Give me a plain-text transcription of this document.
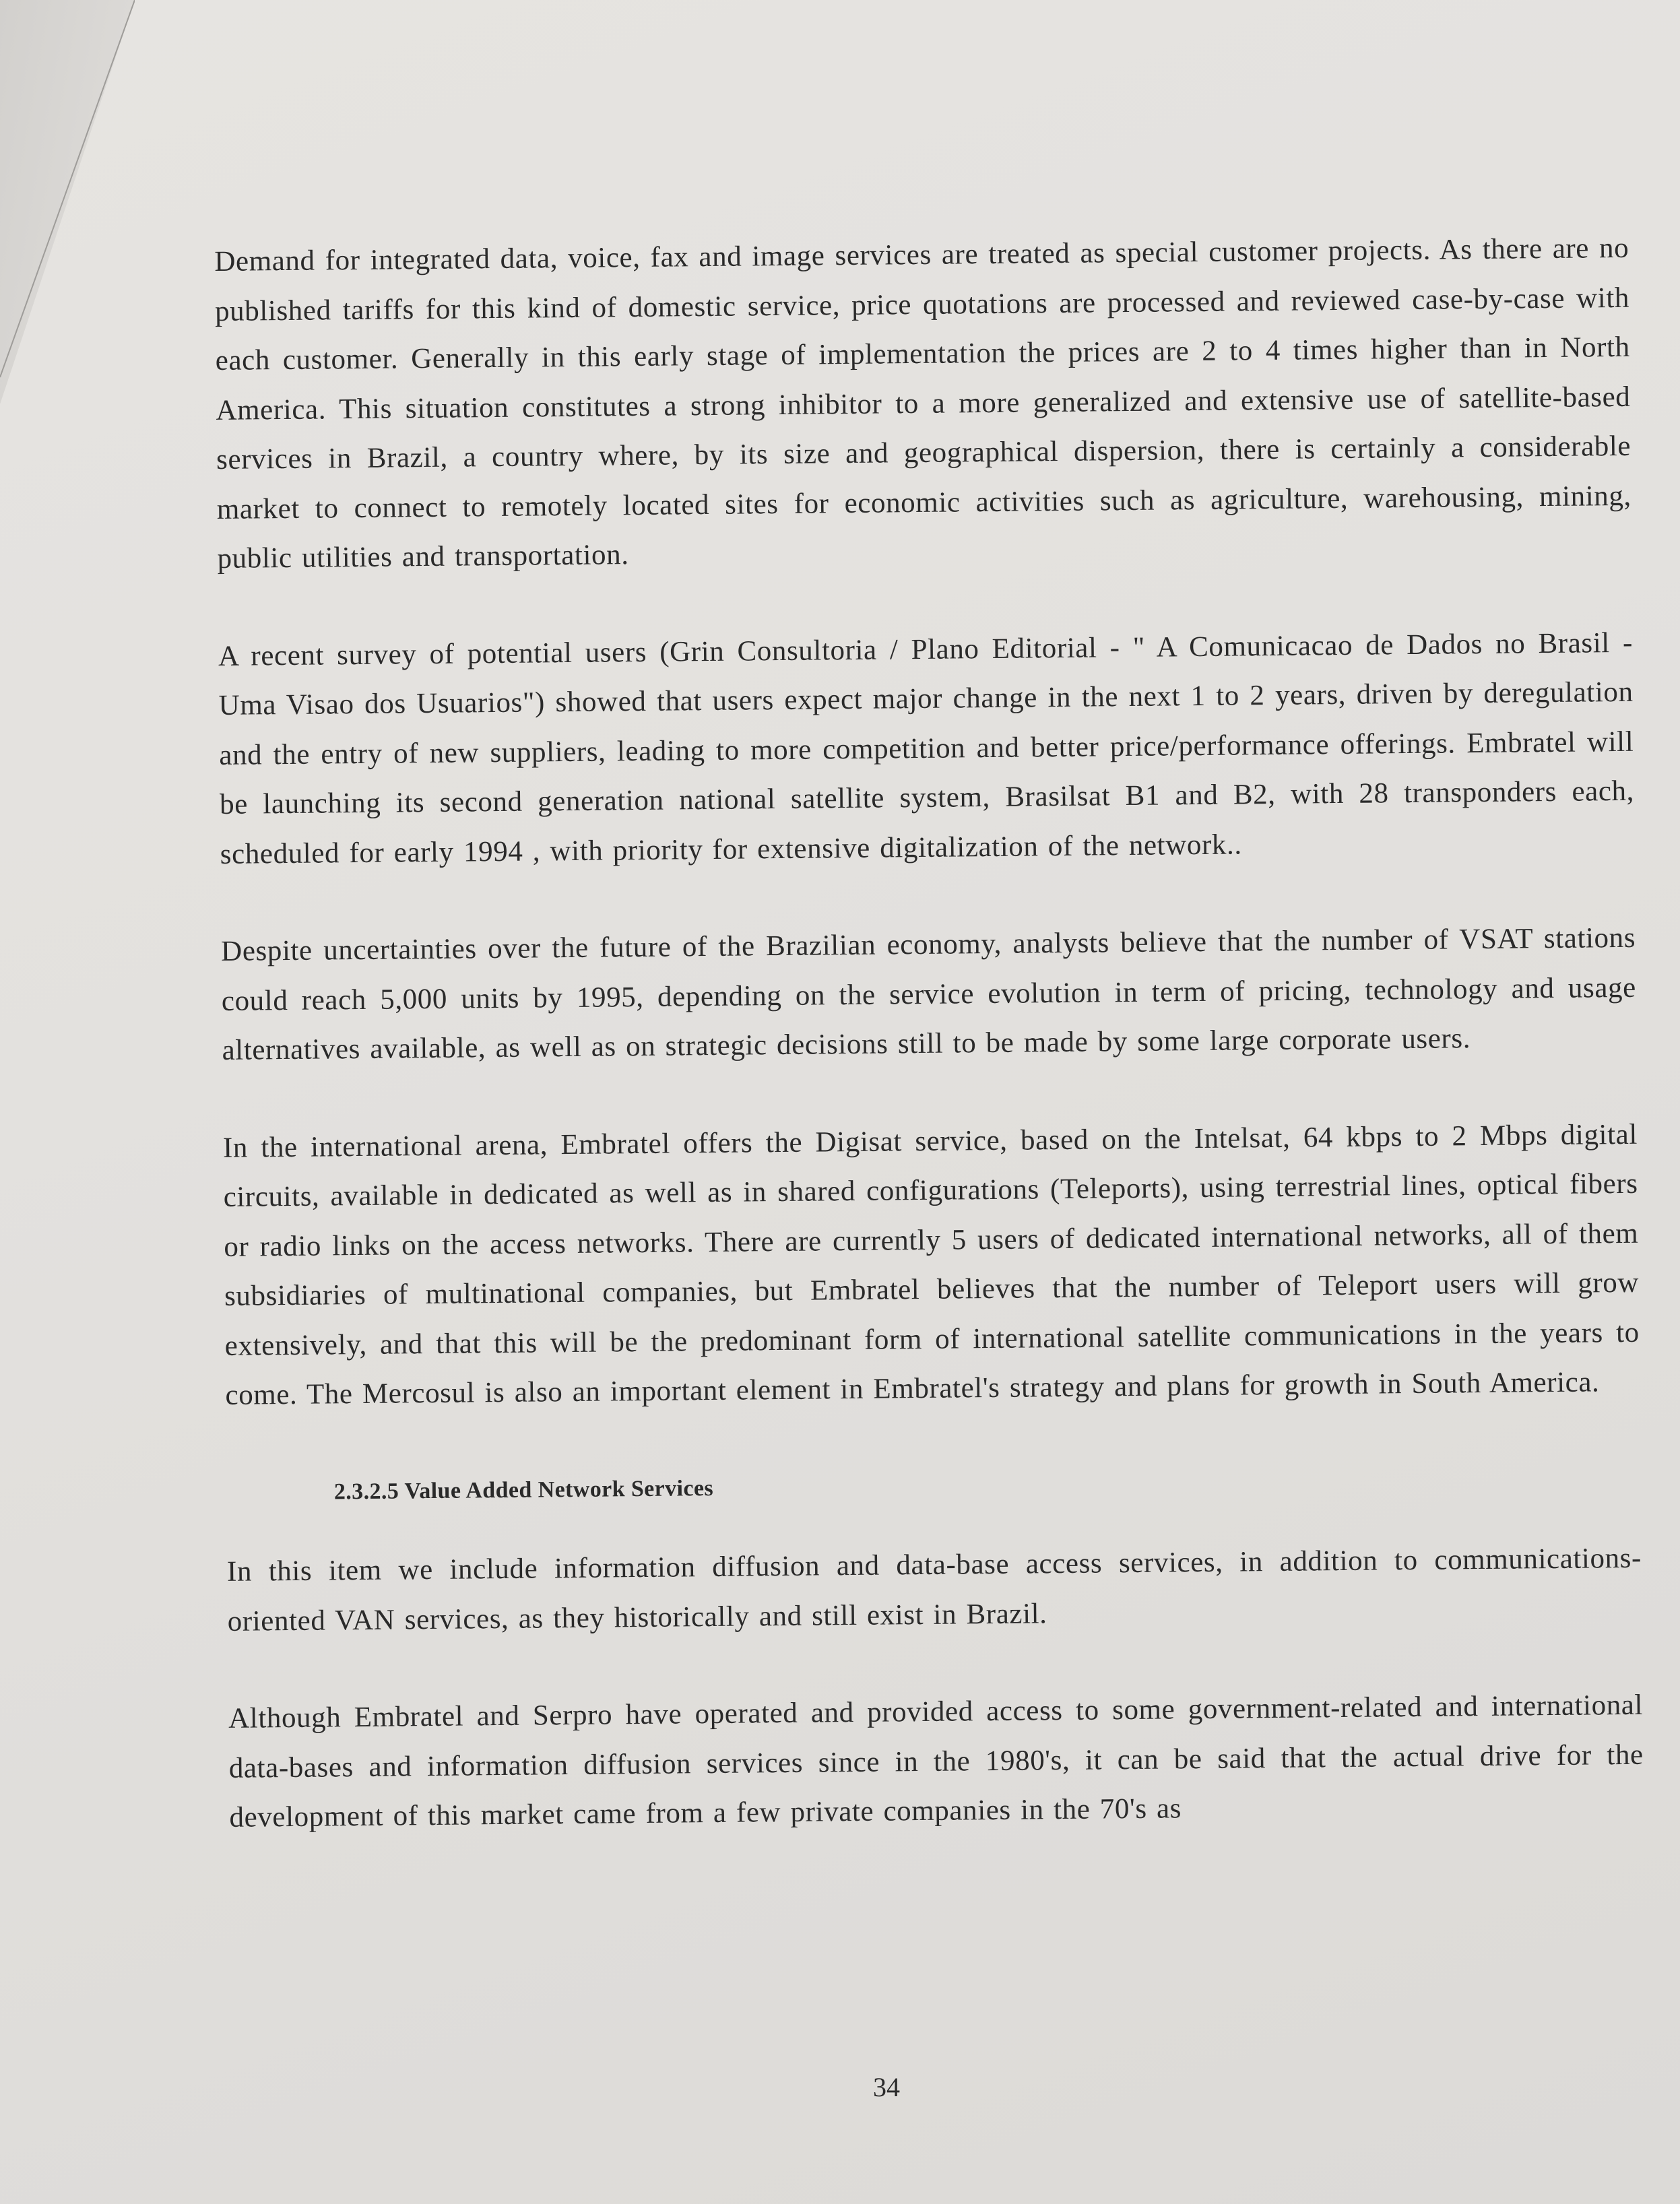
Demand for integrated data, voice, fax and image services are treated as special customer projects. As there are no published tariffs for this kind of domestic service, price quotations are processed and reviewed case-by-case with each customer. Generally in this early stage of implementation the prices are 2 to 4 times higher than in North America. This situation constitutes a strong inhibitor to a more generalized and extensive use of satellite-based services in Brazil, a country where, by its size and geographical dispersion, there is certainly a considerable market to connect to remotely located sites for economic activities such as agriculture, warehousing, mining, public utilities and transportation.

A recent survey of potential users (Grin Consultoria / Plano Editorial - " A Comunicacao de Dados no Brasil - Uma Visao dos Usuarios") showed that users expect major change in the next 1 to 2 years, driven by deregulation and the entry of new suppliers, leading to more competition and better price/performance offerings. Embratel will be launching its second generation national satellite system, Brasilsat B1 and B2, with 28 transponders each, scheduled for early 1994 , with priority for extensive digitalization of the network..

Despite uncertainties over the future of the Brazilian economy, analysts believe that the number of VSAT stations could reach 5,000 units by 1995, depending on the service evolution in term of pricing, technology and usage alternatives available, as well as on strategic decisions still to be made by some large corporate users.

In the international arena, Embratel offers the Digisat service, based on the Intelsat, 64 kbps to 2 Mbps digital circuits, available in dedicated as well as in shared configurations (Teleports), using terrestrial lines, optical fibers or radio links on the access networks. There are currently 5 users of dedicated international networks, all of them subsidiaries of multinational companies, but Embratel believes that the number of Teleport users will grow extensively, and that this will be the predominant form of international satellite communications in the years to come. The Mercosul is also an important element in Embratel's strategy and plans for growth in South America.

2.3.2.5 Value Added Network Services

In this item we include information diffusion and data-base access services, in addition to communications-oriented VAN services, as they historically and still exist in Brazil.

Although Embratel and Serpro have operated and provided access to some government-related and international data-bases and information diffusion services since in the 1980's, it can be said that the actual drive for the development of this market came from a few private companies in the 70's as

34
